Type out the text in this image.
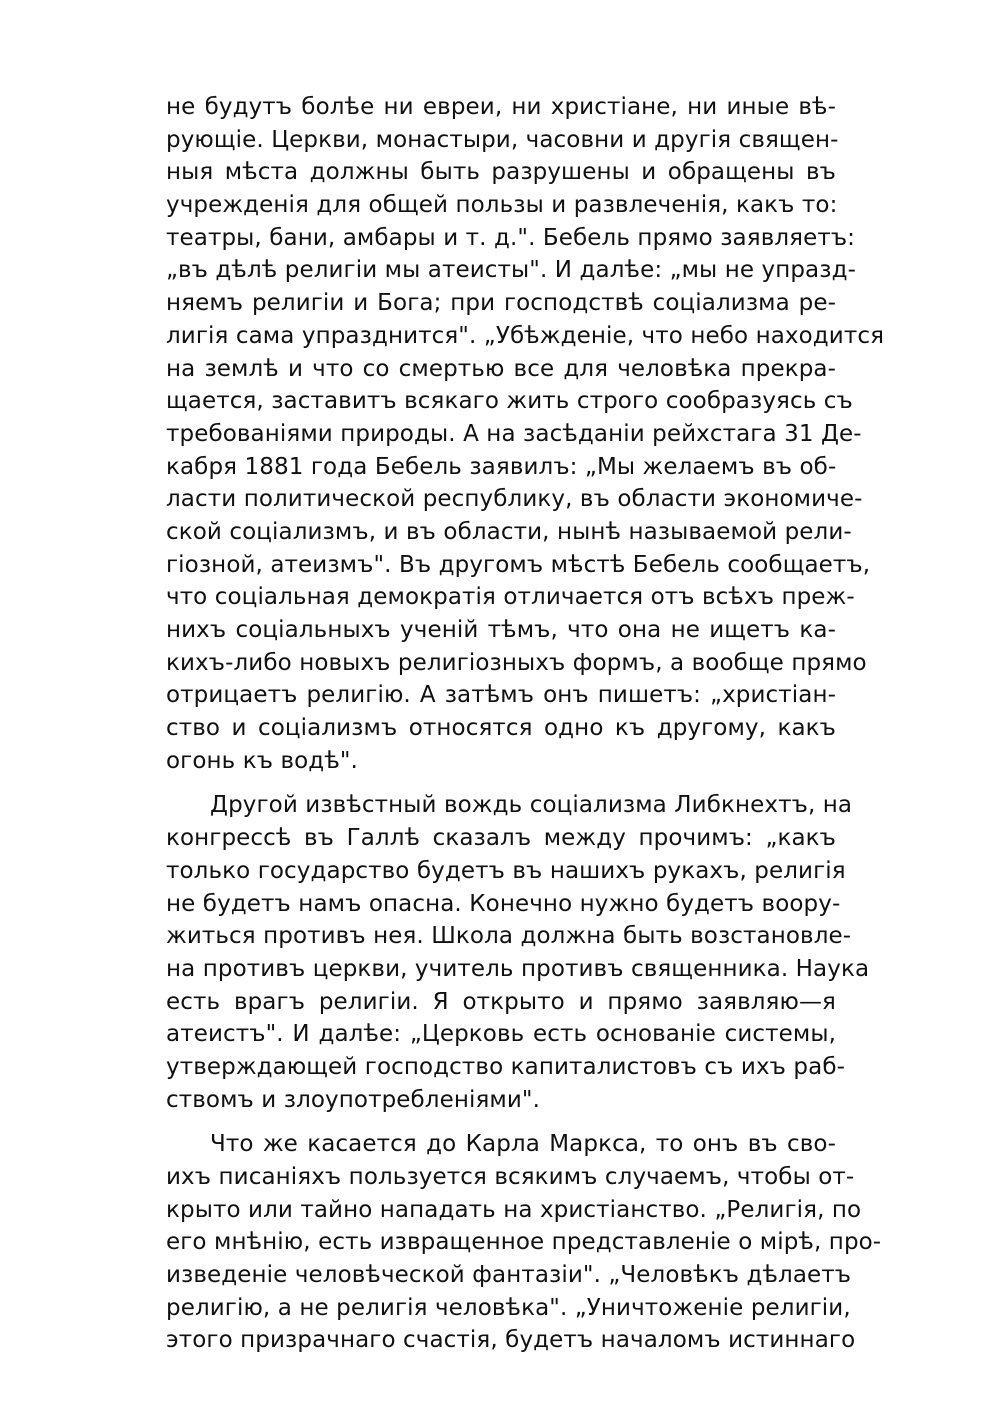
не будутъ болѣе ни евреи, ни христіане, ни иные вѣ-
рующіе. Церкви, монастыри, часовни и другія священ-
ныя мѣста должны быть разрушены и обращены въ
учрежденія для общей пользы и развлеченія, какъ то:
театры, бани, амбары и т. д.". Бебель прямо заявляетъ:
„въ дѣлѣ религіи мы атеисты". И далѣе: „мы не упразд-
няемъ религіи и Бога; при господствѣ соціализма ре-
лигія сама упразднится". „Убѣжденіе, что небо находится
на землѣ и что со смертью все для человѣка прекра-
щается, заставитъ всякаго жить строго сообразуясь съ
требованіями природы. А на засѣданіи рейхстага 31 Де-
кабря 1881 года Бебель заявилъ: „Мы желаемъ въ об-
ласти политической республику, въ области экономиче-
ской соціализмъ, и въ области, нынѣ называемой рели-
гіозной, атеизмъ". Въ другомъ мѣстѣ Бебель сообщаетъ,
что соціальная демократія отличается отъ всѣхъ преж-
нихъ соціальныхъ ученій тѣмъ, что она не ищетъ ка-
кихъ-либо новыхъ религіозныхъ формъ, а вообще прямо
отрицаетъ религію. А затѣмъ онъ пишетъ: „христіан-
ство и соціализмъ относятся одно къ другому, какъ
огонь къ водѣ".
Другой извѣстный вождь соціализма Либкнехтъ, на
конгрессѣ въ Галлѣ сказалъ между прочимъ: „какъ
только государство будетъ въ нашихъ рукахъ, религія
не будетъ намъ опасна. Конечно нужно будетъ воору-
житься противъ нея. Школа должна быть возстановле-
на противъ церкви, учитель противъ священника. Наука
есть врагъ религіи. Я открыто и прямо заявляю—я
атеистъ". И далѣе: „Церковь есть основаніе системы,
утверждающей господство капиталистовъ съ ихъ раб-
ствомъ и злоупотребленіями".
Что же касается до Карла Маркса, то онъ въ сво-
ихъ писаніяхъ пользуется всякимъ случаемъ, чтобы от-
крыто или тайно нападать на христіанство. „Религія, по
его мнѣнію, есть извращенное представленіе о мірѣ, про-
изведеніе человѣческой фантазіи". „Человѣкъ дѣлаетъ
религію, а не религія человѣка". „Уничтоженіе религіи,
этого призрачнаго счастія, будетъ началомъ истиннаго
